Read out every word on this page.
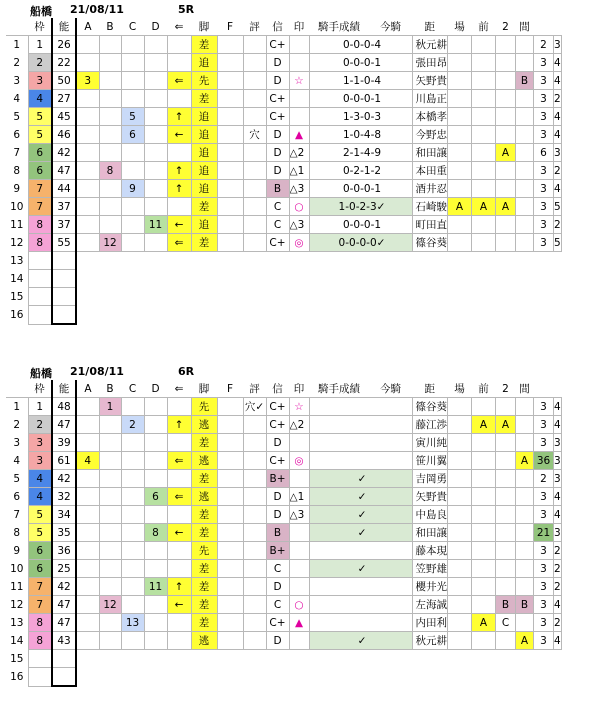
船橋 21/08/11	5R
	枠	能	A	B	C	D	⇐	脚	F	評	信	印	騎手成績	今騎	距	場	前	2	間		
1	1	26						差			C+		0-0-0-4		秋元耕					2	3
2	2	22						追			D		0-0-0-1		張田昂					3	4
3	3	50	3				⇐	先			D	☆	1-1-0-4		矢野貴				B	3	4
4	4	27						差			C+		0-0-0-1		川島正					3	2
5	5	45			5		↑	追			C+		1-3-0-3		本橋孝					3	4
6	5	46			6		←	追		穴	D	▲	1-0-4-8		今野忠					3	4
7	6	42						追			D	△2	2-1-4-9		和田譲			A		6	3
8	6	47		8			↑	追			D	△1	0-2-1-2		本田重					3	2
9	7	44			9		↑	追			B	△3	0-0-0-1		酒井忍					3	4
10	7	37						差			C	○	1-0-2-3✓		石崎駿	A	A	A		3	5
11	8	37				11	←	追			C	△3	0-0-0-1		町田直					3	2
12	8	55		12			⇐	差			C+	◎	0-0-0-0✓		篠谷葵					3	5
13																					
14																					
15																					
16																					
船橋 21/08/11	6R
	枠	能	A	B	C	D	⇐	脚	F	評	信	印	騎手成績	今騎	距	場	前	2	間		
1	1	48		1				先		穴✓	C+	☆			篠谷葵					3	4
2	2	47			2		↑	逃			C+	△2			藤江渉		A	A		3	4
3	3	39						差			D				寅川純					3	3
4	3	61	4				⇐	逃			C+	◎			笹川翼				A	36	3
5	4	42						差			B+		✓		吉岡勇					2	3
6	4	32				6	⇐	逃			D	△1	✓		矢野貴					3	4
7	5	34						差			D	△3	✓		中島良					3	4
8	5	35				8	←	差			B		✓		和田譲					21	3
9	6	36						先			B+				藤本現					3	2
10	6	25						差			C		✓		笠野雄					3	2
11	7	42				11	↑	差			D				櫻井光					3	2
12	7	47		12			←	差			C	○			左海誠			B	B	3	4
13	8	47			13			差			C+	▲			内田利		A	C		3	2
14	8	43						逃			D		✓		秋元耕				A	3	4
15																					
16																					
